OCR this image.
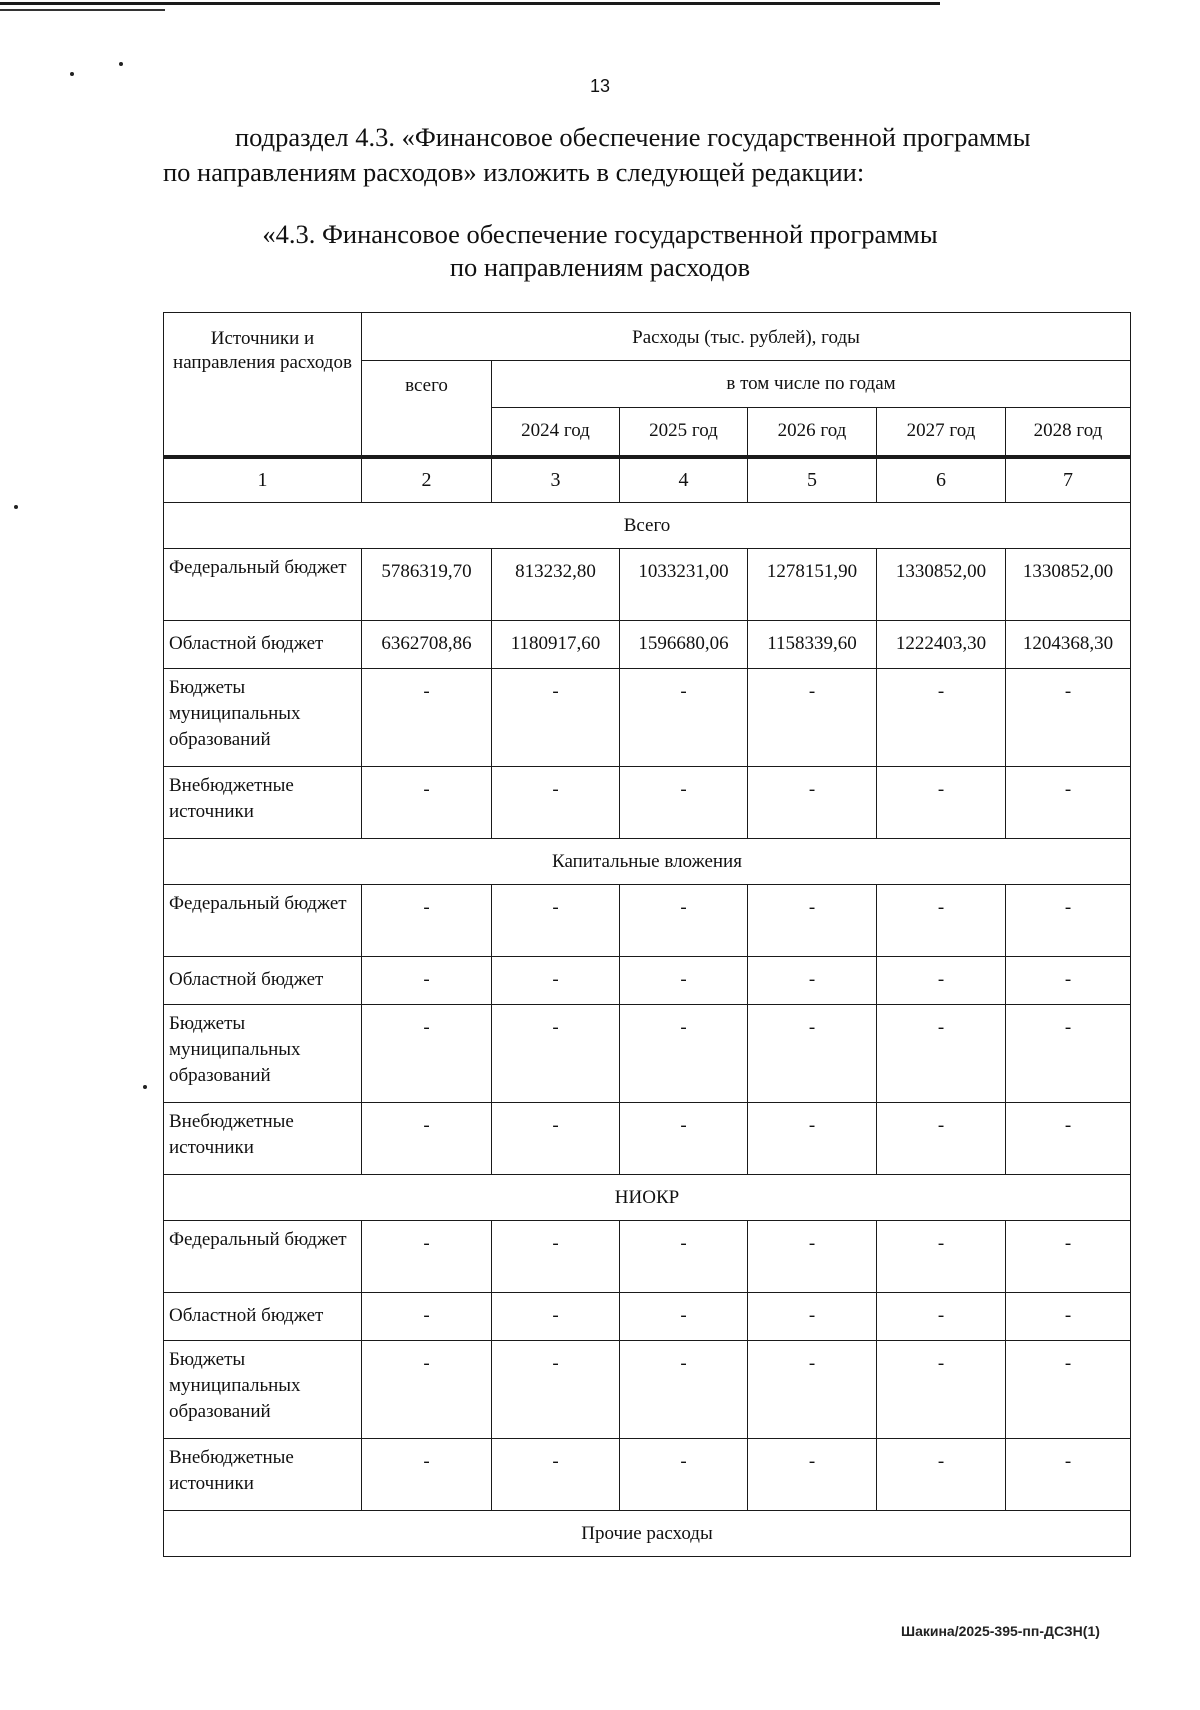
13
подраздел 4.3. «Финансовое обеспечение государственной программы
по направлениям расходов» изложить в следующей редакции:
«4.3. Финансовое обеспечение государственной программы
по направлениям расходов
Источники и направления расходов	Расходы (тыс. рублей), годы					
	всего	в том числе по годам				
		2024 год	2025 год	2026 год	2027 год	2028 год
1	2	3	4	5	6	7
Всего						
Федеральный бюджет	5786319,70	813232,80	1033231,00	1278151,90	1330852,00	1330852,00
Областной бюджет	6362708,86	1180917,60	1596680,06	1158339,60	1222403,30	1204368,30
Бюджеты муниципальных образований	-	-	-	-	-	-
Внебюджетные источники	-	-	-	-	-	-
Капитальные вложения						
Федеральный бюджет	-	-	-	-	-	-
Областной бюджет	-	-	-	-	-	-
Бюджеты муниципальных образований	-	-	-	-	-	-
Внебюджетные источники	-	-	-	-	-	-
НИОКР						
Федеральный бюджет	-	-	-	-	-	-
Областной бюджет	-	-	-	-	-	-
Бюджеты муниципальных образований	-	-	-	-	-	-
Внебюджетные источники	-	-	-	-	-	-
Прочие расходы						
Шакина/2025-395-пп-ДСЗН(1)
